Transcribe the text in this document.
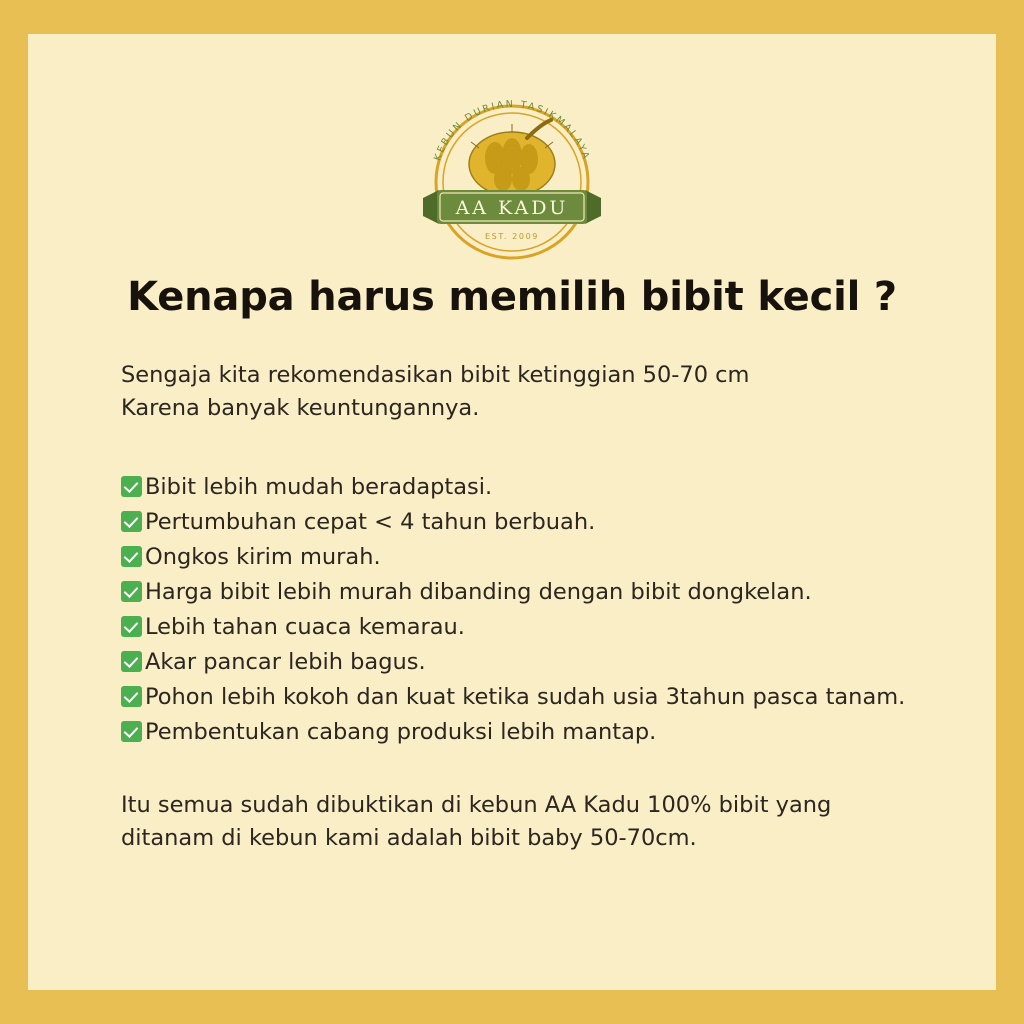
KEBUN DURIAN TASIKMALAYA
AA KADU
EST. 2009
Kenapa harus memilih bibit kecil ?
Sengaja kita rekomendasikan bibit ketinggian 50-70 cm
Karena banyak keuntungannya.
Bibit lebih mudah beradaptasi.
Pertumbuhan cepat < 4 tahun berbuah.
Ongkos kirim murah.
Harga bibit lebih murah dibanding dengan bibit dongkelan.
Lebih tahan cuaca kemarau.
Akar pancar lebih bagus.
Pohon lebih kokoh dan kuat ketika sudah usia 3tahun pasca tanam.
Pembentukan cabang produksi lebih mantap.
Itu semua sudah dibuktikan di kebun AA Kadu 100% bibit yang
ditanam di kebun kami adalah bibit baby 50-70cm.
